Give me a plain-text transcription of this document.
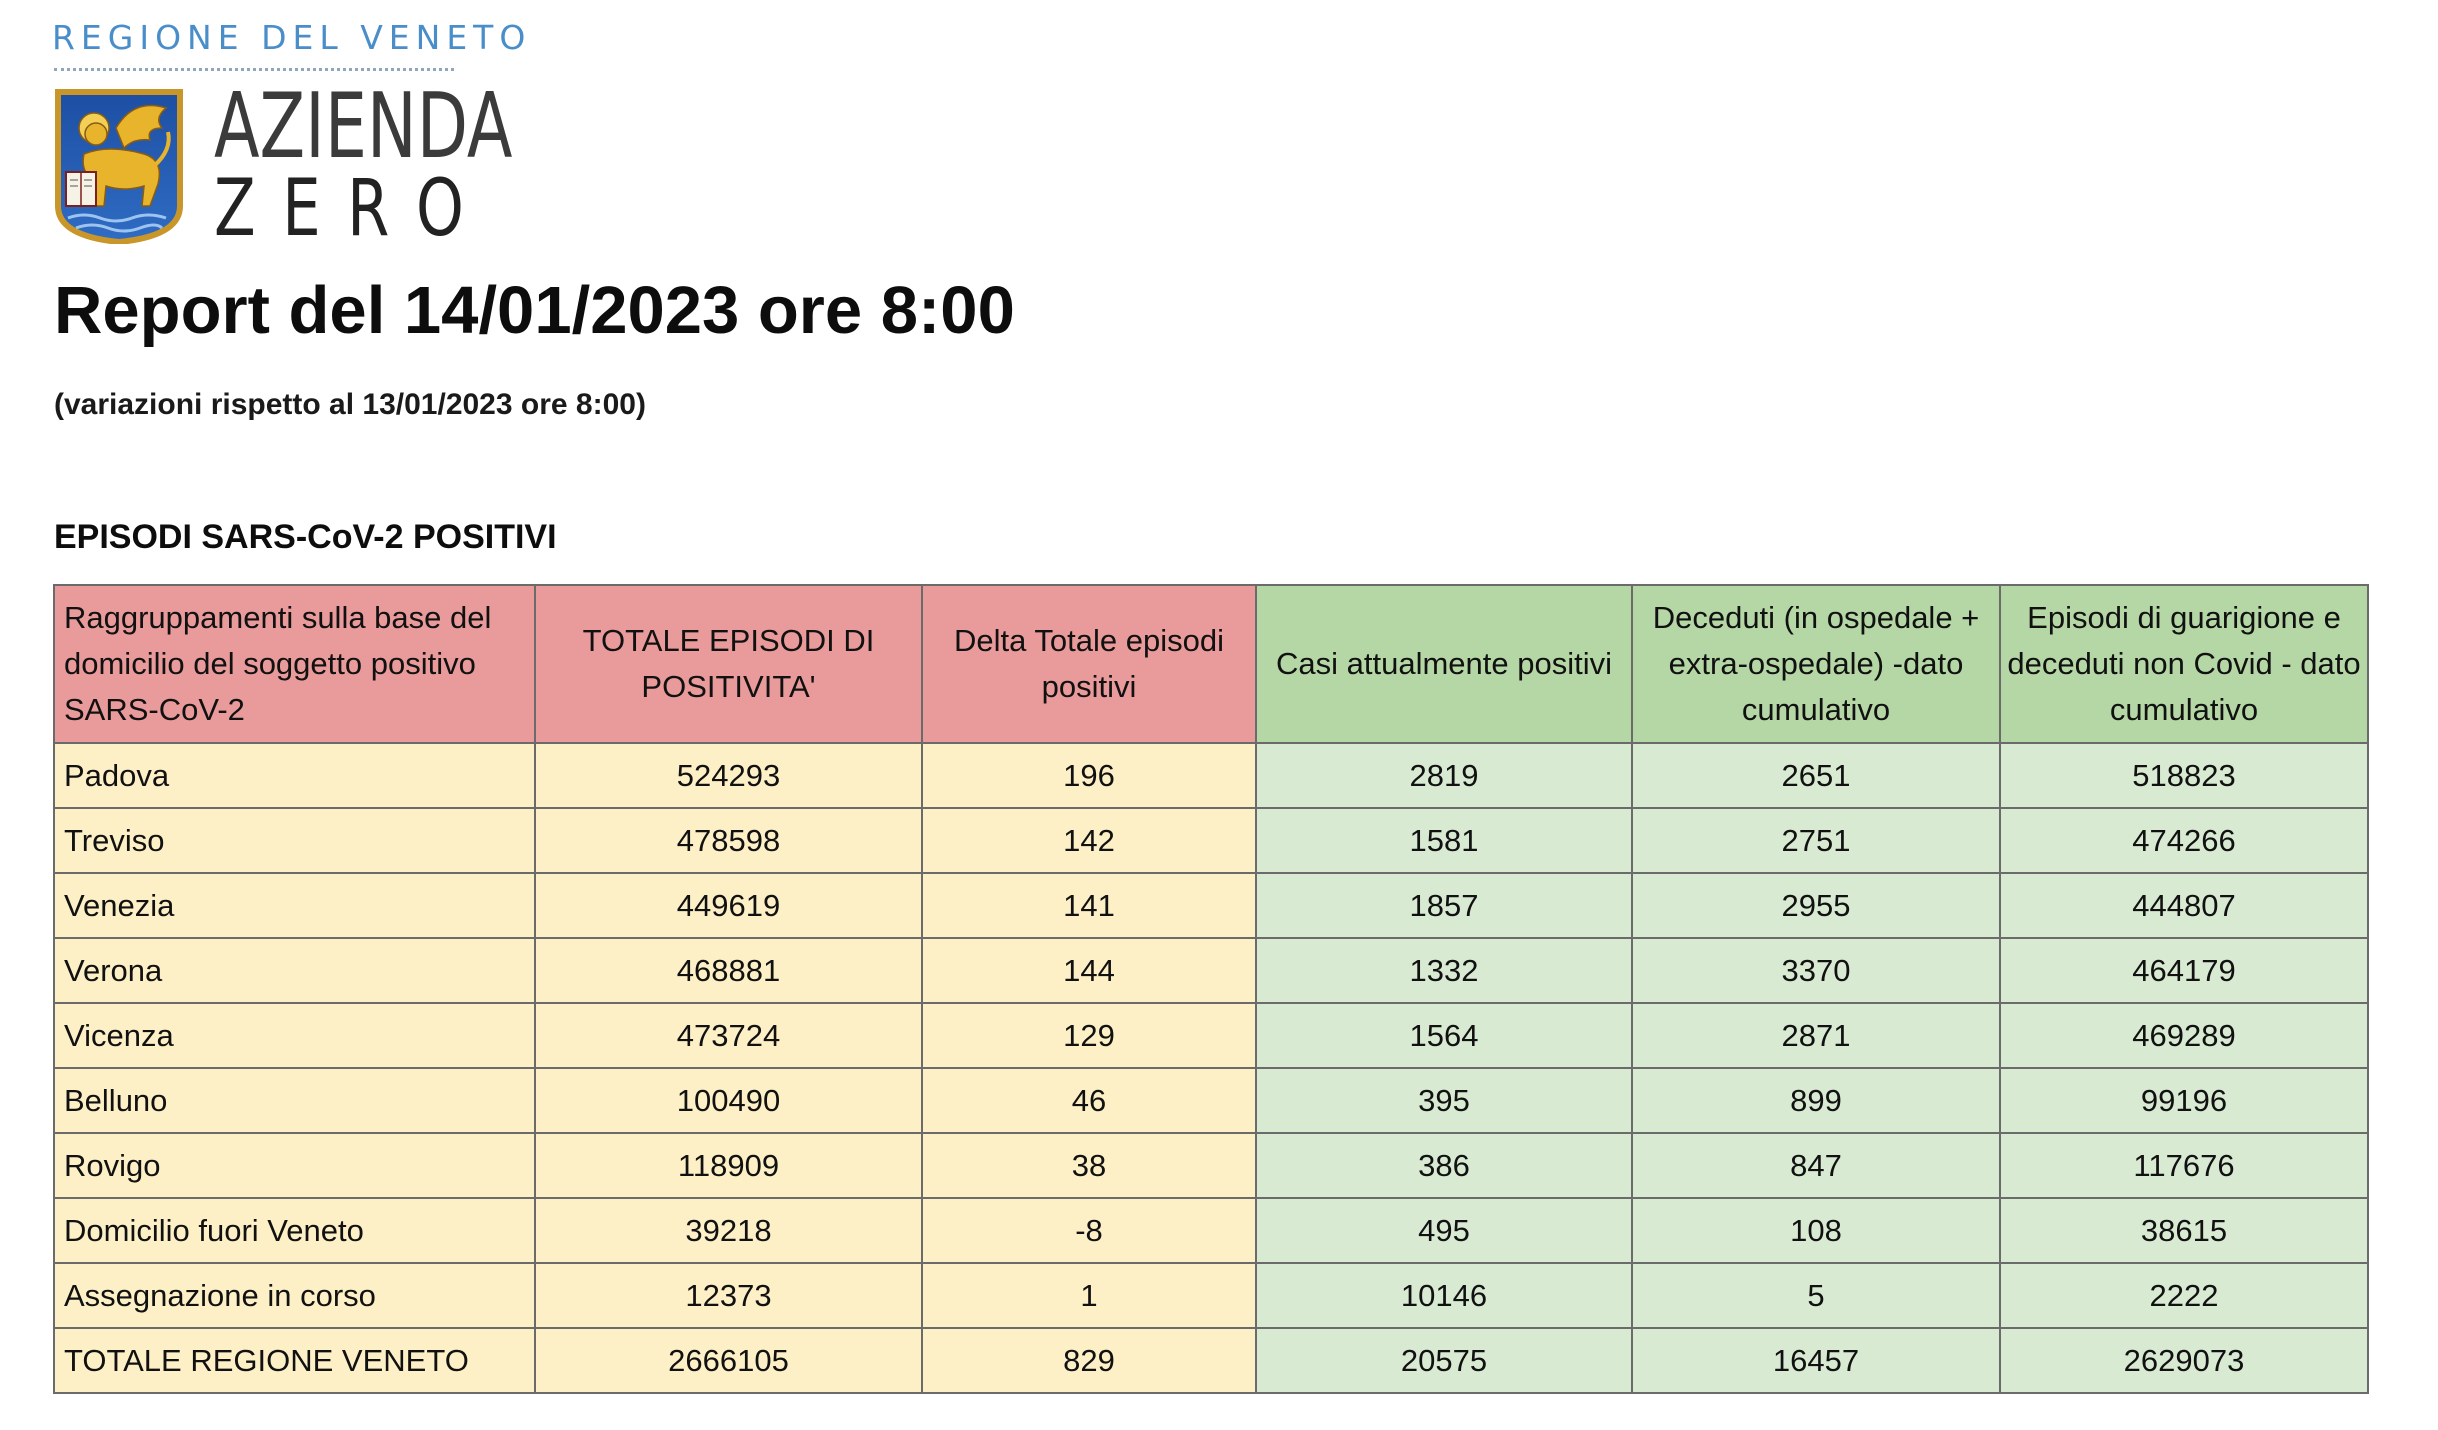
REGIONE DEL VENETO
AZIENDA
ZERO
Report del 14/01/2023 ore 8:00
(variazioni rispetto al 13/01/2023 ore 8:00)
EPISODI SARS-CoV-2 POSITIVI
Raggruppamenti sulla base del domicilio del soggetto positivo SARS-CoV-2	TOTALE EPISODI DI POSITIVITA'	Delta Totale episodi positivi	Casi attualmente positivi	Deceduti (in ospedale + extra-ospedale) -dato cumulativo	Episodi di guarigione e deceduti non Covid - dato cumulativo
Padova	524293	196	2819	2651	518823
Treviso	478598	142	1581	2751	474266
Venezia	449619	141	1857	2955	444807
Verona	468881	144	1332	3370	464179
Vicenza	473724	129	1564	2871	469289
Belluno	100490	46	395	899	99196
Rovigo	118909	38	386	847	117676
Domicilio fuori Veneto	39218	-8	495	108	38615
Assegnazione in corso	12373	1	10146	5	2222
TOTALE REGIONE VENETO	2666105	829	20575	16457	2629073
